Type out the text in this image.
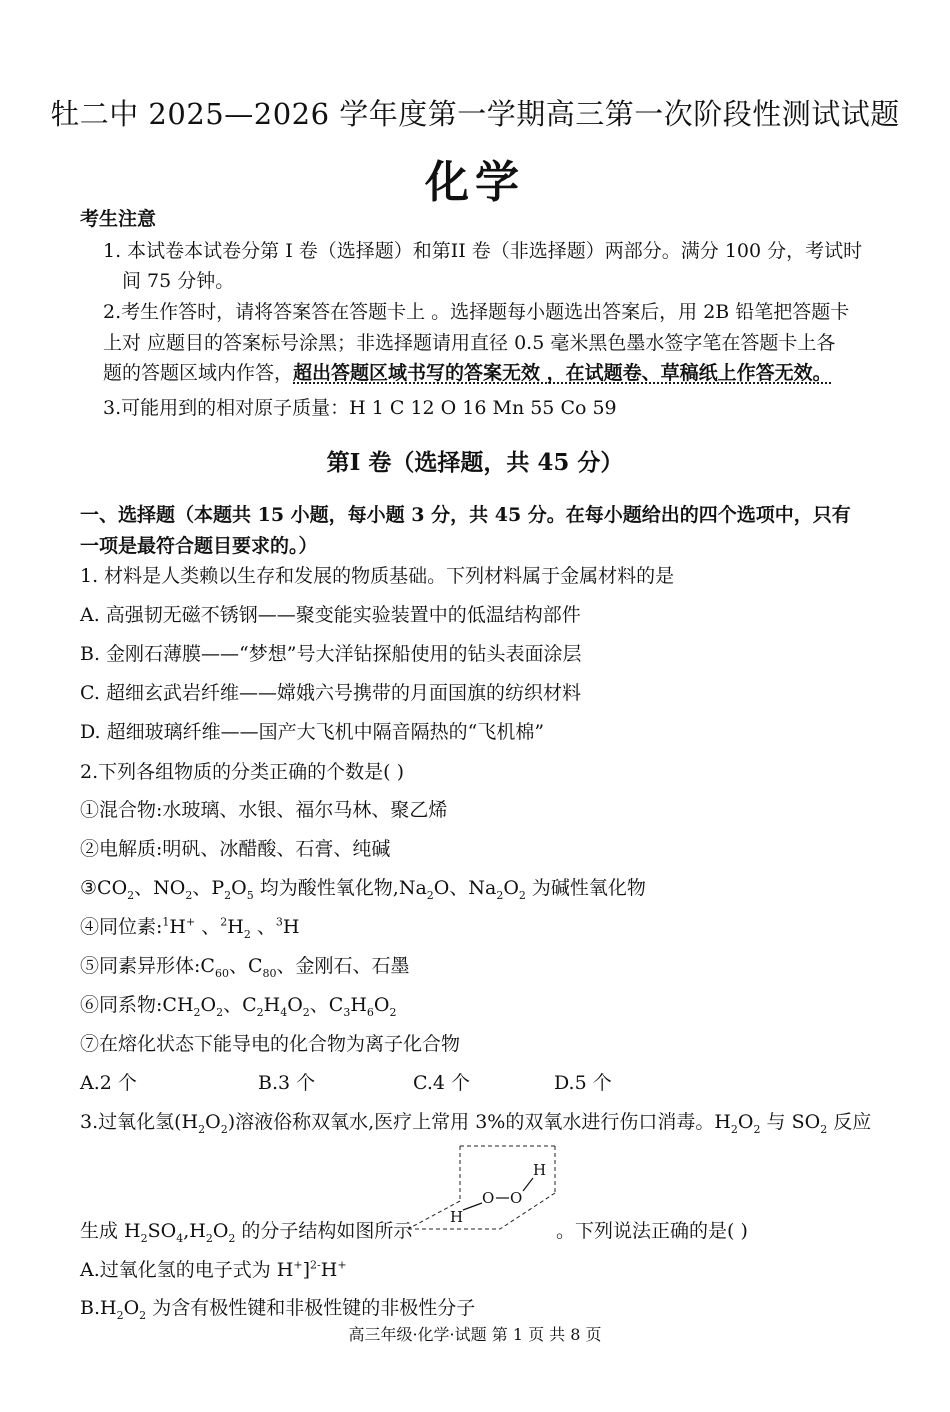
牡二中 2025—2026 学年度第一学期高三第一次阶段性测试试题
化学
考生注意
1. 本试卷本试卷分第 I 卷（选择题）和第II 卷（非选择题）两部分。满分 100 分，考试时
间 75 分钟。
2.考生作答时，请将答案答在答题卡上 。选择题每小题选出答案后，用 2B 铅笔把答题卡
上对 应题目的答案标号涂黑；非选择题请用直径 0.5 毫米黑色墨水签字笔在答题卡上各
题的答题区域内作答，超出答题区域书写的答案无效 ，在试题卷、草稿纸上作答无效。
3.可能用到的相对原子质量：H 1 C 12 O 16 Mn 55 Co 59
第I 卷（选择题，共 45 分）
一、选择题（本题共 15 小题，每小题 3 分，共 45 分。在每小题给出的四个选项中，只有
一项是最符合题目要求的。）
1. 材料是人类赖以生存和发展的物质基础。下列材料属于金属材料的是
A. 高强韧无磁不锈钢——聚变能实验装置中的低温结构部件
B. 金刚石薄膜——“梦想”号大洋钻探船使用的钻头表面涂层
C. 超细玄武岩纤维——嫦娥六号携带的月面国旗的纺织材料
D. 超细玻璃纤维——国产大飞机中隔音隔热的“飞机棉”
2.下列各组物质的分类正确的个数是( )
①混合物:水玻璃、水银、福尔马林、聚乙烯
②电解质:明矾、冰醋酸、石膏、纯碱
$③CO_2$、$NO_2$、$P_2O_5$ 均为酸性氧化物$,Na_2O$、$Na_2O_2$ 为碱性氧化物
④同位素:$^1$H+ 、$^2H_2$ 、$^3$H
⑤同素异形体$:C_{60}$、$C_{80}$、金刚石、石墨
⑥同系物$:CH_2O_2$、$C_2H_4O_2$、$C_3H_6O_2$
⑦在熔化状态下能导电的化合物为离子化合物
A.2 个	B.3 个	C.4 个	D.5 个
3.过氧化氢$(H_2O_2)$溶液俗称双氧水,医疗上常用 3%的双氧水进行伤口消毒。$H_2O_2$ 与 $SO_2$ 反应
H
O O
H
生成 $H_2SO_4,H_2O_2$ 的分子结构如图所示	。下列说法正确的是( )
A.过氧化氢的电子式为 H+]$^{2-}$H+
$B.H_2O_2$ 为含有极性键和非极性键的非极性分子
高三年级·化学·试题 第 1 页 共 8 页
